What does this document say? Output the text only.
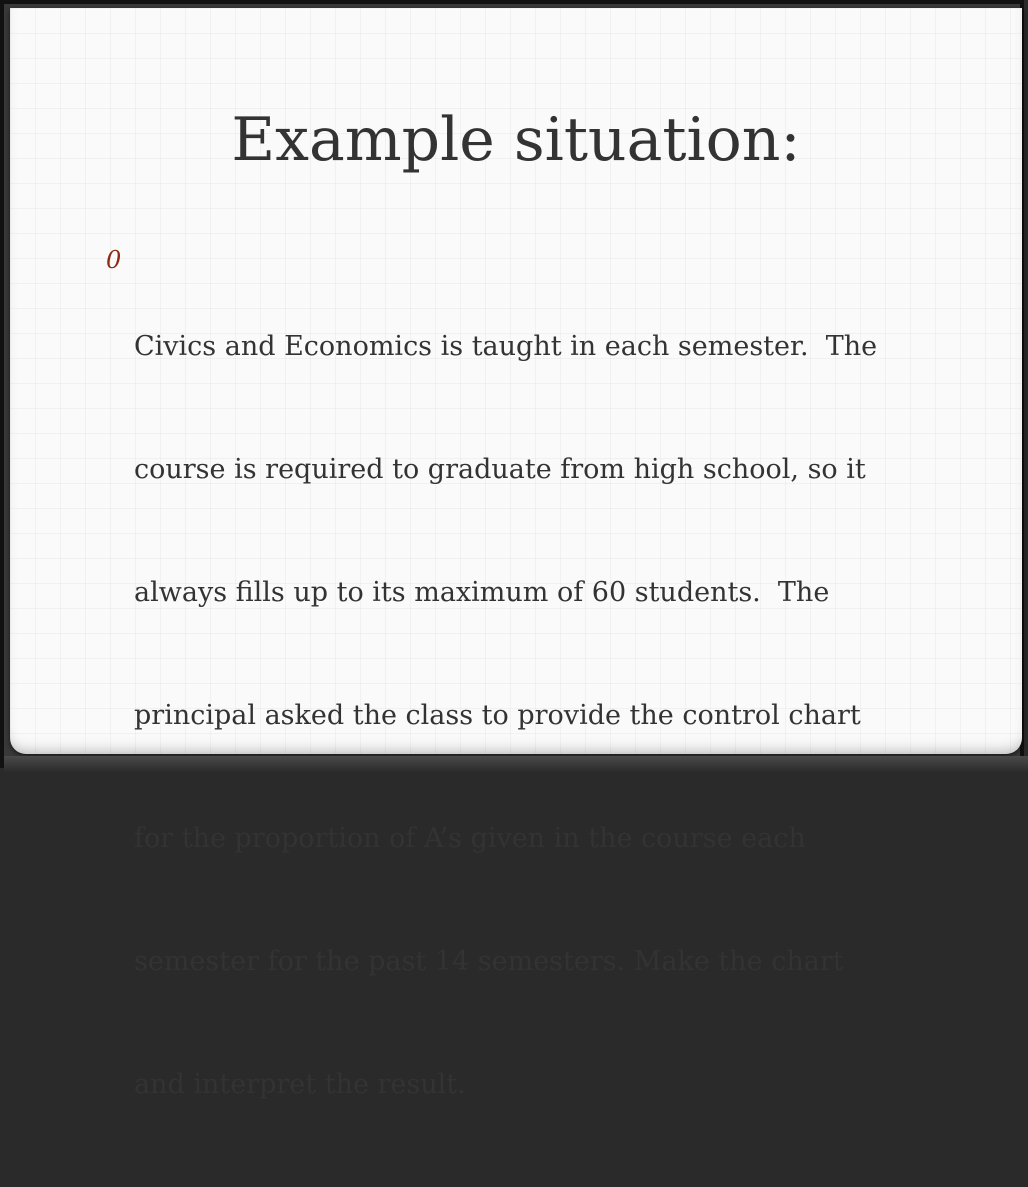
Example situation:
0

Civics and Economics is taught in each semester.  The

course is required to graduate from high school, so it

always fills up to its maximum of 60 students.  The

principal asked the class to provide the control chart

for the proportion of A’s given in the course each

semester for the past 14 semesters. Make the chart

and interpret the result.
